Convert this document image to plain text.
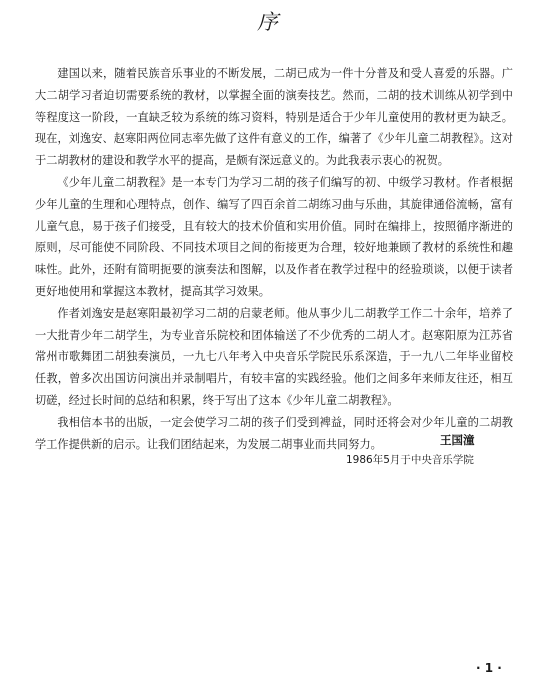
序

建国以来，随着民族音乐事业的不断发展，二胡已成为一件十分普及和受人喜爱的乐器。广大二胡学习者迫切需要系统的教材，以掌握全面的演奏技艺。然而，二胡的技术训练从初学到中等程度这一阶段，一直缺乏较为系统的练习资料，特别是适合于少年儿童使用的教材更为缺乏。现在，刘逸安、赵寒阳两位同志率先做了这件有意义的工作，编著了《少年儿童二胡教程》。这对于二胡教材的建设和教学水平的提高，是颇有深远意义的。为此我表示衷心的祝贺。

《少年儿童二胡教程》是一本专门为学习二胡的孩子们编写的初、中级学习教材。作者根据少年儿童的生理和心理特点，创作、编写了四百余首二胡练习曲与乐曲，其旋律通俗流畅，富有儿童气息，易于孩子们接受，且有较大的技术价值和实用价值。同时在编排上，按照循序渐进的原则，尽可能使不同阶段、不同技术项目之间的衔接更为合理，较好地兼顾了教材的系统性和趣味性。此外，还附有简明扼要的演奏法和图解，以及作者在教学过程中的经验琐谈，以便于读者更好地使用和掌握这本教材，提高其学习效果。

作者刘逸安是赵寒阳最初学习二胡的启蒙老师。他从事少儿二胡教学工作二十余年，培养了一大批青少年二胡学生，为专业音乐院校和团体输送了不少优秀的二胡人才。赵寒阳原为江苏省常州市歌舞团二胡独奏演员，一九七八年考入中央音乐学院民乐系深造，于一九八二年毕业留校任教，曾多次出国访问演出并录制唱片，有较丰富的实践经验。他们之间多年来师友往还，相互切磋，经过长时间的总结和积累，终于写出了这本《少年儿童二胡教程》。

我相信本书的出版，一定会使学习二胡的孩子们受到裨益，同时还将会对少年儿童的二胡教学工作提供新的启示。让我们团结起来，为发展二胡事业而共同努力。	王国潼
1986年5月于中央音乐学院
· 1 ·
